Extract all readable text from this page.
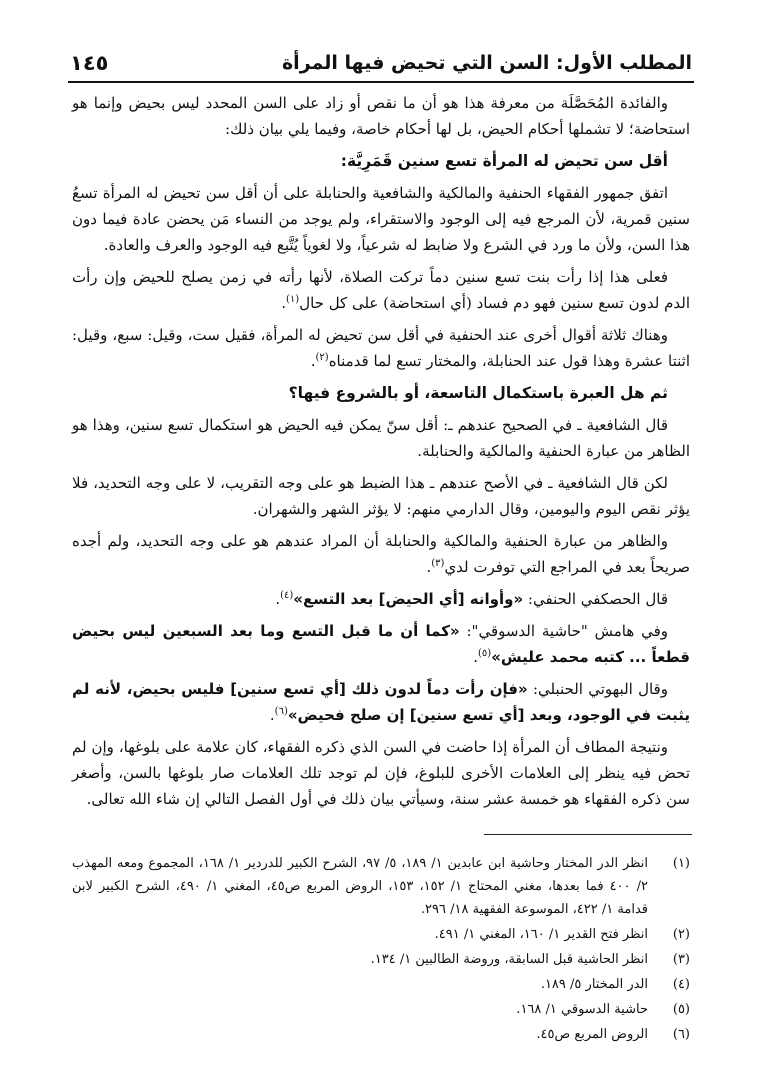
المطلب الأول: السن التي تحيض فيها المرأة
١٤٥

والفائدة المُحَصَّلَة من معرفة هذا هو أن ما نقص أو زاد على السن المحدد ليس بحيض وإنما هو استحاضة؛ لا تشملها أحكام الحيض، بل لها أحكام خاصة، وفيما يلي بيان ذلك:

أقل سن تحيض له المرأة تسع سنين قَمَرِيَّة:

اتفق جمهور الفقهاء الحنفية والمالكية والشافعية والحنابلة على أن أقل سن تحيض له المرأة تسعُ سنين قمرية، لأن المرجع فيه إلى الوجود والاستقراء، ولم يوجد من النساء مَن يحضن عادة فيما دون هذا السن، ولأن ما ورد في الشرع ولا ضابط له شرعياً، ولا لغوياً يُتَّبع فيه الوجود والعرف والعادة.

فعلى هذا إذا رأت بنت تسع سنين دماً تركت الصلاة، لأنها رأته في زمن يصلح للحيض وإن رأت الدم لدون تسع سنين فهو دم فساد (أي استحاضة) على كل حال$^{(١)}$.

وهناك ثلاثة أقوال أخرى عند الحنفية في أقل سن تحيض له المرأة، فقيل ست، وقيل: سبع، وقيل: اثنتا عشرة وهذا قول عند الحنابلة، والمختار تسع لما قدمناه$^{(٢)}$.

ثم هل العبرة باستكمال التاسعة، أو بالشروع فيها؟

قال الشافعية ـ في الصحيح عندهم ـ: أقل سنّ يمكن فيه الحيض هو استكمال تسع سنين، وهذا هو الظاهر من عبارة الحنفية والمالكية والحنابلة.

لكن قال الشافعية ـ في الأصح عندهم ـ هذا الضبط هو على وجه التقريب، لا على وجه التحديد، فلا يؤثر نقص اليوم واليومين، وقال الدارمي منهم: لا يؤثر الشهر والشهران.

والظاهر من عبارة الحنفية والمالكية والحنابلة أن المراد عندهم هو على وجه التحديد، ولم أجده صريحاً بعد في المراجع التي توفرت لدي$^{(٣)}$.

قال الحصكفي الحنفي: «وأوانه [أي الحيض] بعد التسع»$^{(٤)}$.

وفي هامش "حاشية الدسوقي": «كما أن ما قبل التسع وما بعد السبعين ليس بحيض قطعاً ... كتبه محمد عليش»$^{(٥)}$.

وقال البهوتي الحنبلي: «فإن رأت دماً لدون ذلك [أي تسع سنين] فليس بحيض، لأنه لم يثبت في الوجود، وبعد [أي تسع سنين] إن صلح فحيض»$^{(٦)}$.

ونتيجة المطاف أن المرأة إذا حاضت في السن الذي ذكره الفقهاء، كان علامة على بلوغها، وإن لم تحض فيه ينظر إلى العلامات الأخرى للبلوغ، فإن لم توجد تلك العلامات صار بلوغها بالسن، وأصغر سن ذكره الفقهاء هو خمسة عشر سنة، وسيأتي بيان ذلك في أول الفصل التالي إن شاء الله تعالى.

(١)
انظر الدر المختار وحاشية ابن عابدين ١/ ١٨٩، ٥/ ٩٧، الشرح الكبير للدردير ١/ ١٦٨، المجموع ومعه المهذب ٢/ ٤٠٠ فما بعدها، مغني المحتاج ١/ ١٥٢، ١٥٣، الروض المربع ص٤٥، المغني ١/ ٤٩٠، الشرح الكبير لابن قدامة ١/ ٤٢٢، الموسوعة الفقهية ١٨/ ٢٩٦.
(٢)
انظر فتح القدير ١/ ١٦٠، المغني ١/ ٤٩١.
(٣)
انظر الحاشية قبل السابقة، وروضة الطالبين ١/ ١٣٤.
(٤)
الدر المختار ٥/ ١٨٩.
(٥)
حاشية الدسوقي ١/ ١٦٨.
(٦)
الروض المربع ص٤٥.
